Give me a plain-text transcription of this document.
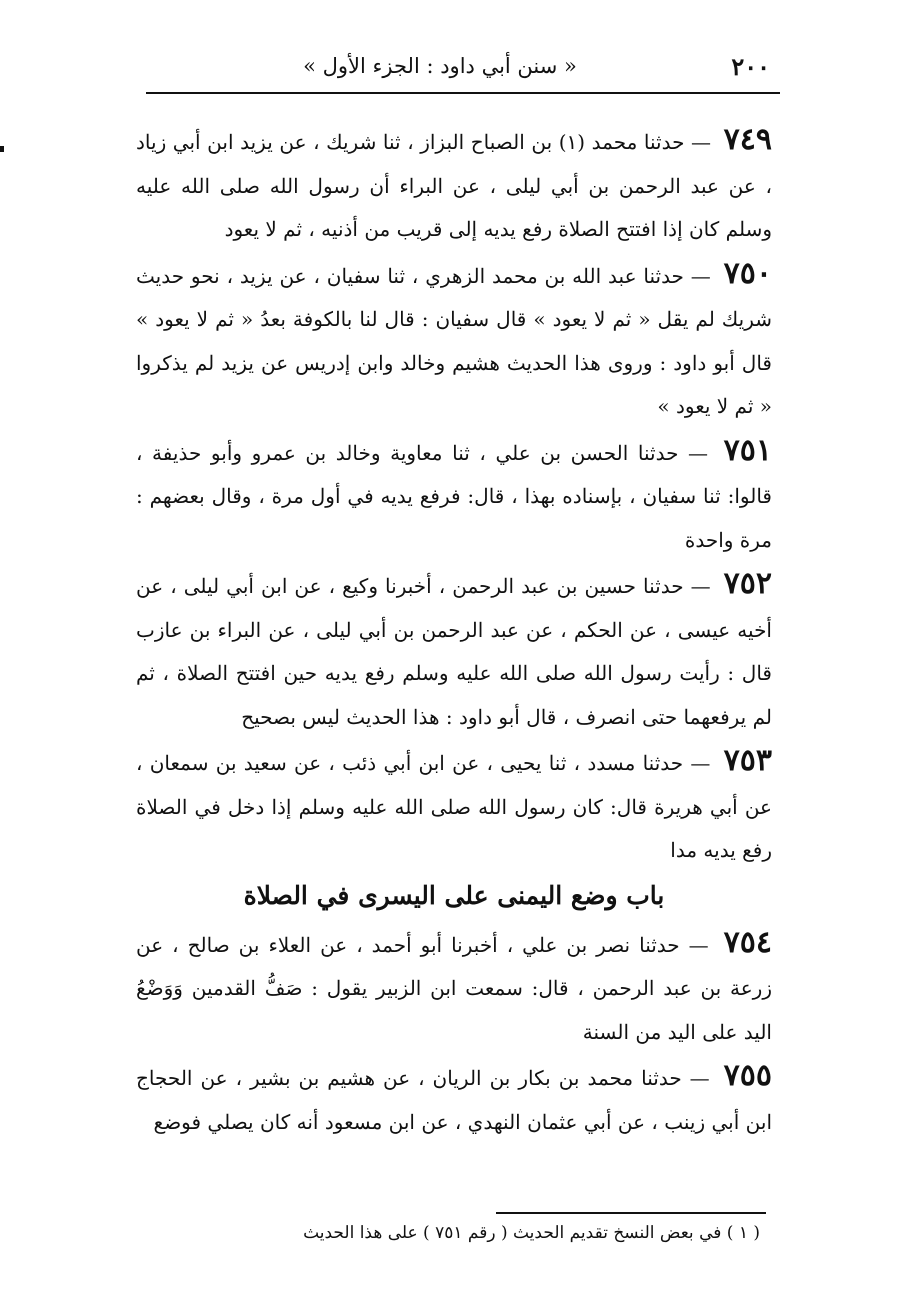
٢٠٠
« سنن أبي داود : الجزء الأول »

٧٤٩ — حدثنا محمد (١) بن الصباح البزاز ، ثنا شريك ، عن يزيد ابن أبي زياد ، عن عبد الرحمن بن أبي ليلى ، عن البراء أن رسول الله صلى الله عليه وسلم كان إذا افتتح الصلاة رفع يديه إلى قريب من أذنيه ، ثم لا يعود

٧٥٠ — حدثنا عبد الله بن محمد الزهري ، ثنا سفيان ، عن يزيد ، نحو حديث شريك لم يقل « ثم لا يعود » قال سفيان : قال لنا بالكوفة بعدُ « ثم لا يعود » قال أبو داود : وروى هذا الحديث هشيم وخالد وابن إدريس عن يزيد لم يذكروا « ثم لا يعود »

٧٥١ — حدثنا الحسن بن علي ، ثنا معاوية وخالد بن عمرو وأبو حذيفة ، قالوا: ثنا سفيان ، بإسناده بهذا ، قال: فرفع يديه في أول مرة ، وقال بعضهم : مرة واحدة

٧٥٢ — حدثنا حسين بن عبد الرحمن ، أخبرنا وكيع ، عن ابن أبي ليلى ، عن أخيه عيسى ، عن الحكم ، عن عبد الرحمن بن أبي ليلى ، عن البراء بن عازب قال : رأيت رسول الله صلى الله عليه وسلم رفع يديه حين افتتح الصلاة ، ثم لم يرفعهما حتى انصرف ، قال أبو داود : هذا الحديث ليس بصحيح

٧٥٣ — حدثنا مسدد ، ثنا يحيى ، عن ابن أبي ذئب ، عن سعيد بن سمعان ، عن أبي هريرة قال: كان رسول الله صلى الله عليه وسلم إذا دخل في الصلاة رفع يديه مدا

باب وضع اليمنى على اليسرى في الصلاة

٧٥٤ — حدثنا نصر بن علي ، أخبرنا أبو أحمد ، عن العلاء بن صالح ، عن زرعة بن عبد الرحمن ، قال: سمعت ابن الزبير يقول : صَفُّ القدمين وَوَضْعُ اليد على اليد من السنة

٧٥٥ — حدثنا محمد بن بكار بن الريان ، عن هشيم بن بشير ، عن الحجاج ابن أبي زينب ، عن أبي عثمان النهدي ، عن ابن مسعود أنه كان يصلي فوضع

( ١ ) في بعض النسخ تقديم الحديث ( رقم ٧٥١ ) على هذا الحديث
